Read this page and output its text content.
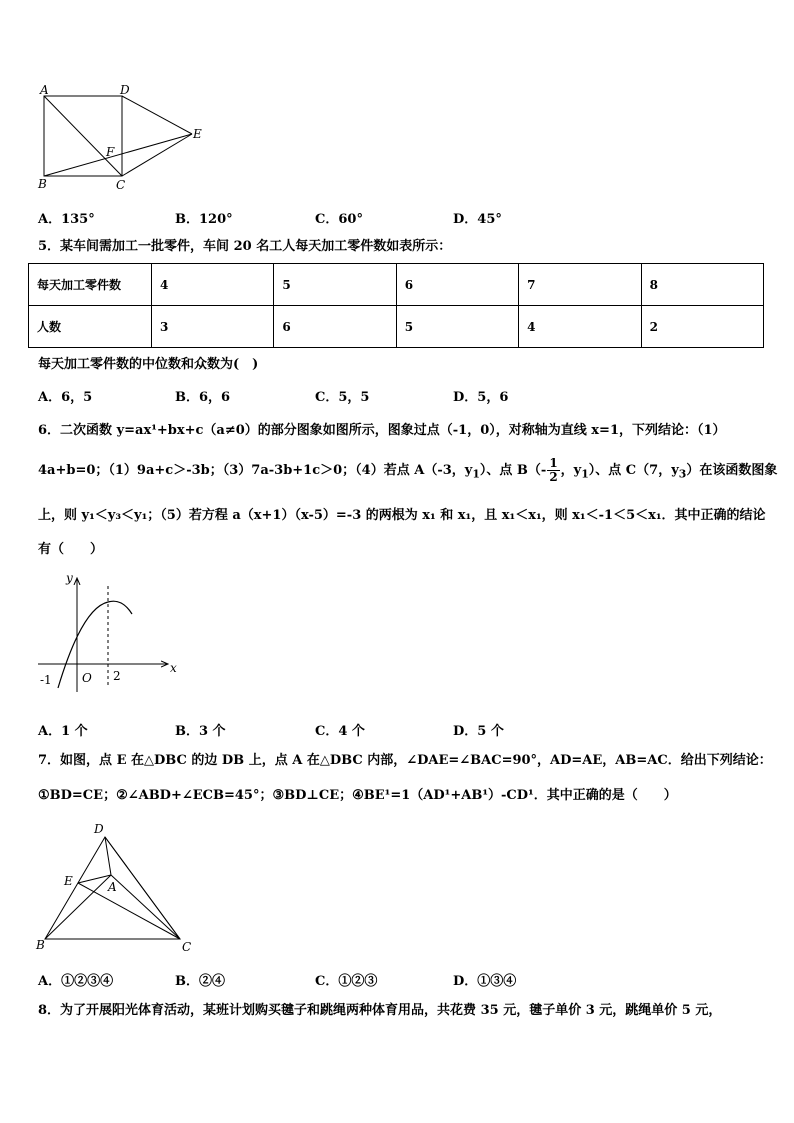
A	D
E
F
B	C
A．135°	B．120°	C．60°	D．45°
5．某车间需加工一批零件，车间 20 名工人每天加工零件数如表所示：
每天加工零件数	4	5	6	7	8
人数	3	6	5	4	2
每天加工零件数的中位数和众数为(　)
A．6，5	B．6，6	C．5，5	D．5，6
6．二次函数 y=ax¹+bx+c（a≠0）的部分图象如图所示，图象过点（-1，0），对称轴为直线 x=1，下列结论：（1）
4a+b=0；（1）9a+c＞-3b；（3）7a-3b+1c＞0；（4）若点 A（-3，$y_1$）、点 $B(- \frac{1}{2}$ ，$y_1$）、点 C（7，$y_3$）在该函数图象
上，则 y₁＜y₃＜y₁；（5）若方程 a（x+1）（x-5）=-3 的两根为 x₁ 和 x₁，且 x₁＜x₁，则 x₁＜-1＜5＜x₁．其中正确的结论
有（　　）
y
x
O
-1	2
A．1 个	B．3 个	C．4 个	D．5 个
7．如图，点 E 在△DBC 的边 DB 上，点 A 在△DBC 内部，∠DAE=∠BAC=90°，AD=AE，AB=AC．给出下列结论：
①BD=CE；②∠ABD+∠ECB=45°；③BD⊥CE；④BE¹=1（AD¹+AB¹）-CD¹．其中正确的是（　　）
D
E	A
B	C
A．①②③④	B．②④	C．①②③	D．①③④
8．为了开展阳光体育活动，某班计划购买毽子和跳绳两种体育用品，共花费 35 元，毽子单价 3 元，跳绳单价 5 元，
